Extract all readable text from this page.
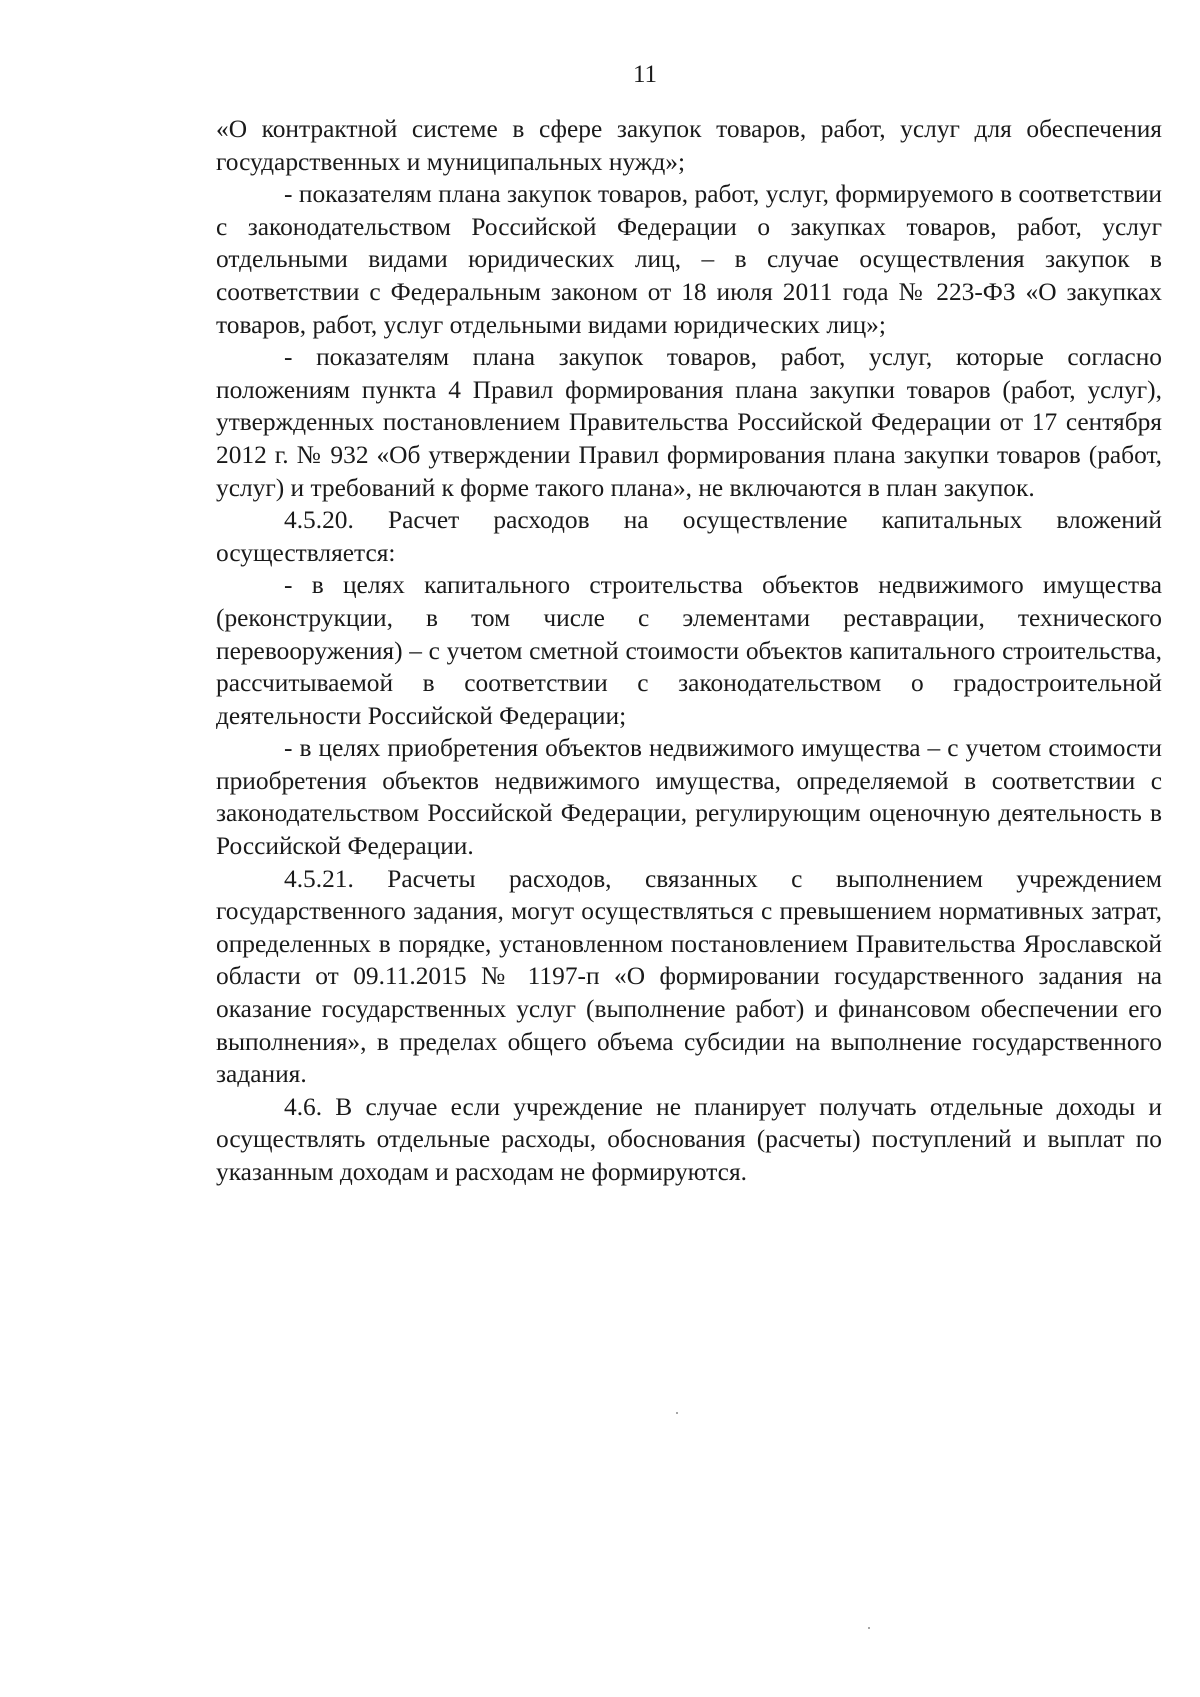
11

«О контрактной системе в сфере закупок товаров, работ, услуг для обеспечения государственных и муниципальных нужд»;

- показателям плана закупок товаров, работ, услуг, формируемого в соответствии с законодательством Российской Федерации о закупках товаров, работ, услуг отдельными видами юридических лиц, – в случае осуществления закупок в соответствии с Федеральным законом от 18 июля 2011 года № 223-ФЗ «О закупках товаров, работ, услуг отдельными видами юридических лиц»;

- показателям плана закупок товаров, работ, услуг, которые согласно положениям пункта 4 Правил формирования плана закупки товаров (работ, услуг), утвержденных постановлением Правительства Российской Федерации от 17 сентября 2012 г. № 932 «Об утверждении Правил формирования плана закупки товаров (работ, услуг) и требований к форме такого плана», не включаются в план закупок.

4.5.20. Расчет расходов на осуществление капитальных вложений осуществляется:

- в целях капитального строительства объектов недвижимого имущества (реконструкции, в том числе с элементами реставрации, технического перевооружения) – с учетом сметной стоимости объектов капитального строительства, рассчитываемой в соответствии с законодательством о градостроительной деятельности Российской Федерации;

- в целях приобретения объектов недвижимого имущества – с учетом стоимости приобретения объектов недвижимого имущества, определяемой в соответствии с законодательством Российской Федерации, регулирующим оценочную деятельность в Российской Федерации.

4.5.21. Расчеты расходов, связанных с выполнением учреждением государственного задания, могут осуществляться с превышением нормативных затрат, определенных в порядке, установленном постановлением Правительства Ярославской области от 09.11.2015 № 1197-п «О формировании государственного задания на оказание государственных услуг (выполнение работ) и финансовом обеспечении его выполнения», в пределах общего объема субсидии на выполнение государственного задания.

4.6. В случае если учреждение не планирует получать отдельные доходы и осуществлять отдельные расходы, обоснования (расчеты) поступлений и выплат по указанным доходам и расходам не формируются.
